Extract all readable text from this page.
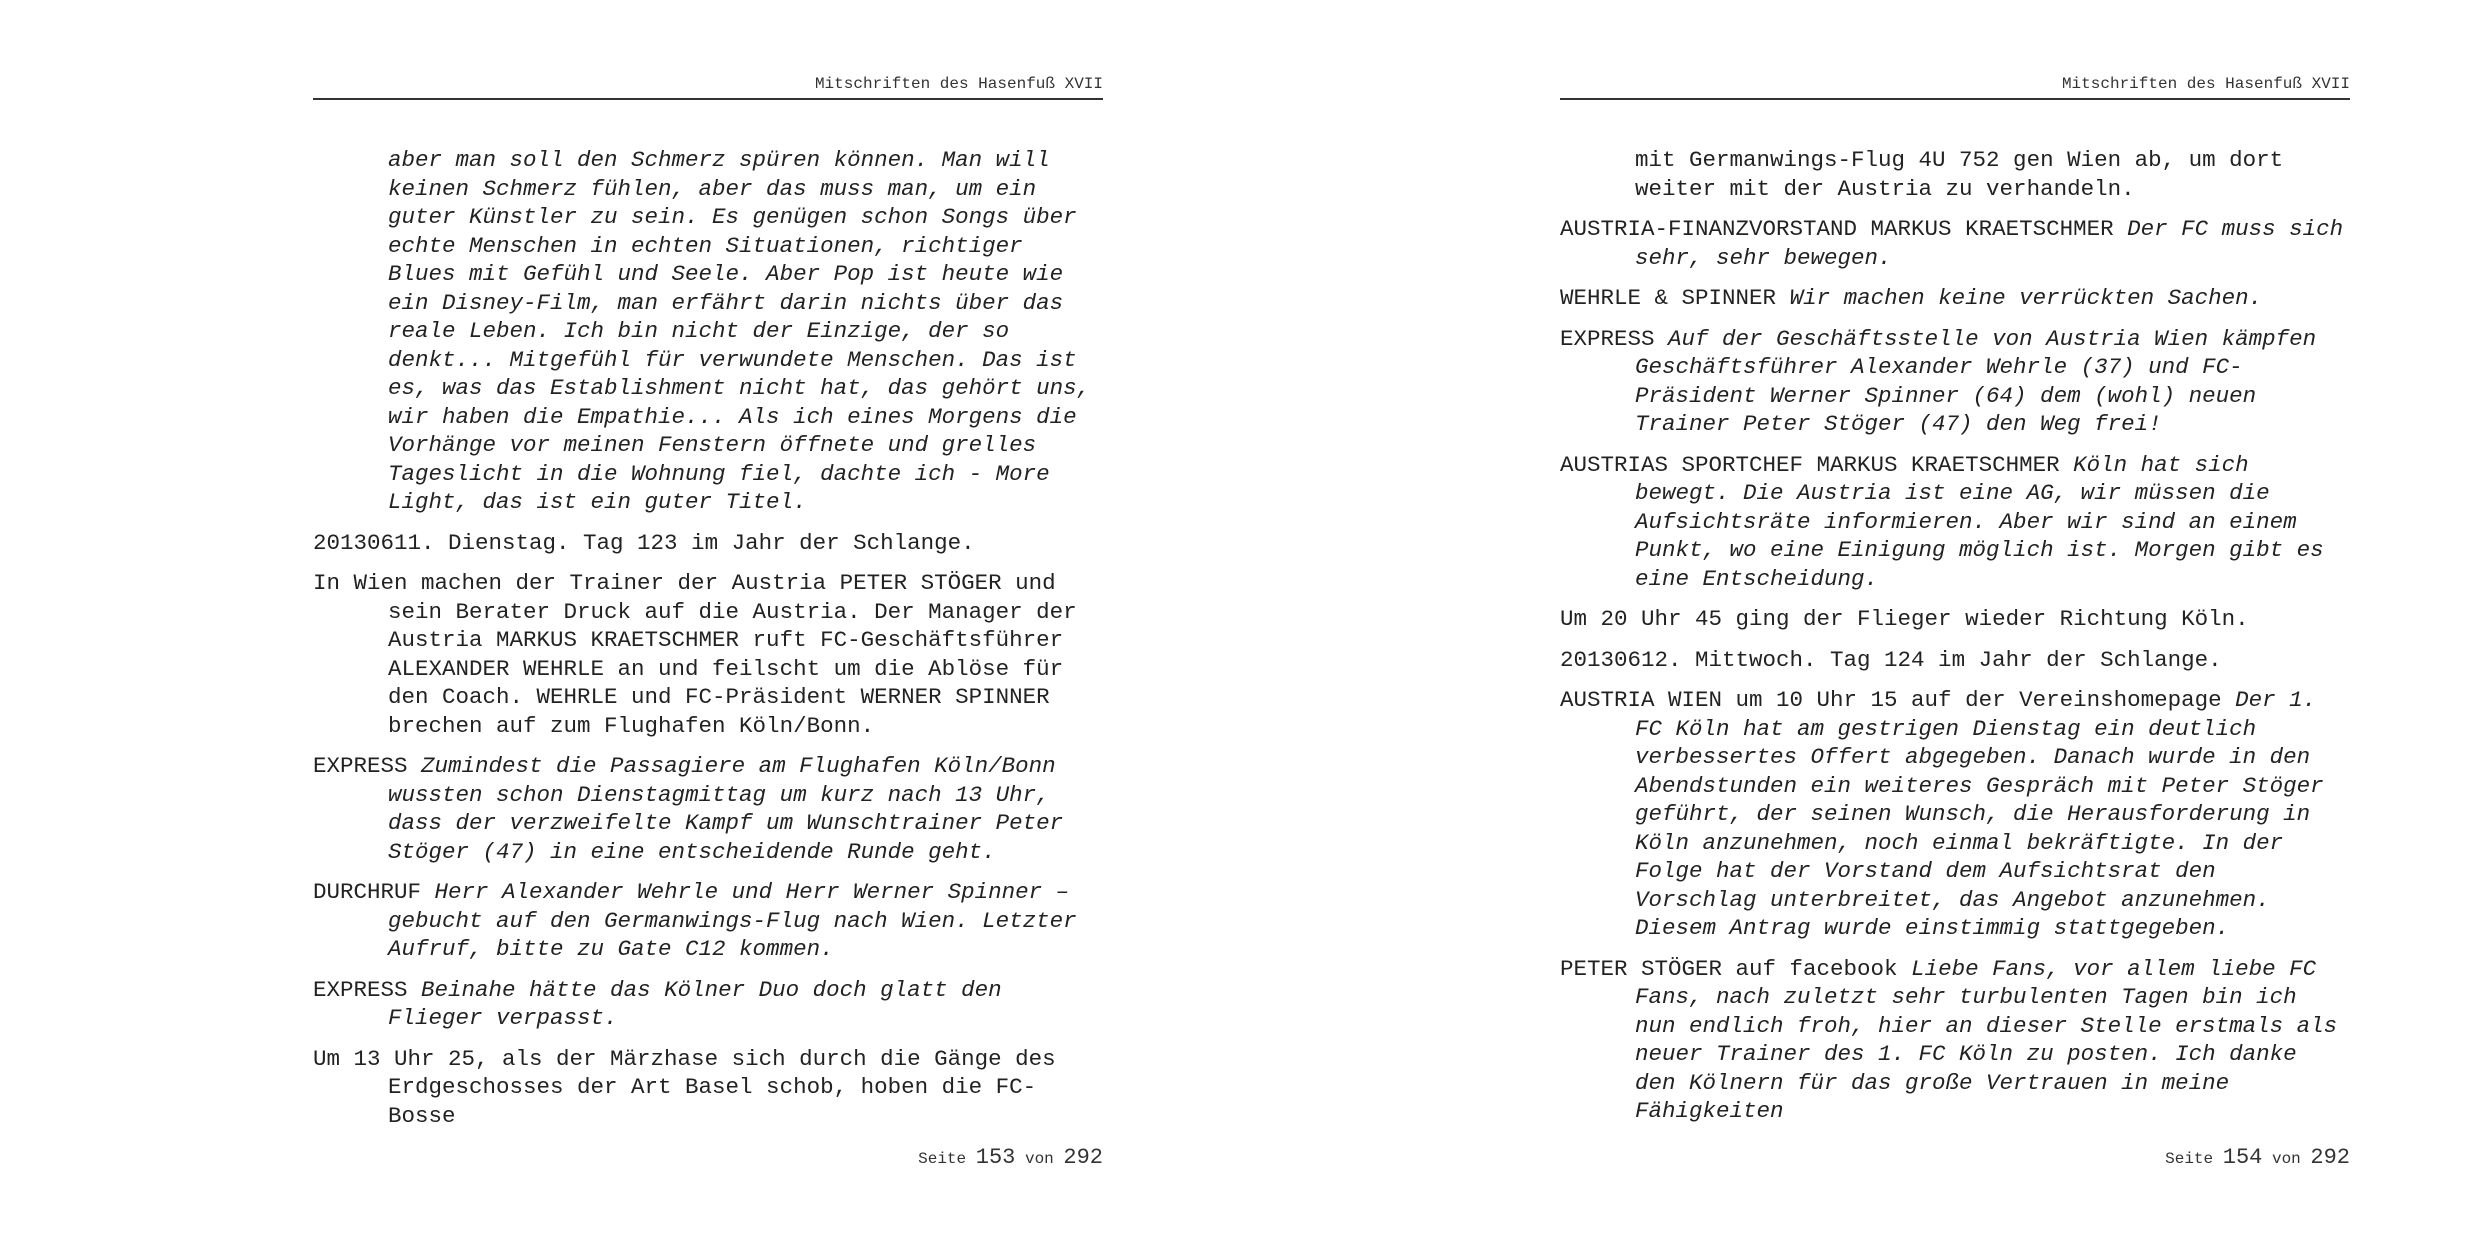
Mitschriften des Hasenfuß XVII

aber man soll den Schmerz spüren können. Man will keinen Schmerz fühlen, aber das muss man, um ein guter Künstler zu sein. Es genügen schon Songs über echte Menschen in echten Situationen, richtiger Blues mit Gefühl und Seele. Aber Pop ist heute wie ein Disney-Film, man erfährt darin nichts über das reale Leben. Ich bin nicht der Einzige, der so denkt... Mitgefühl für verwundete Menschen. Das ist es, was das Establishment nicht hat, das gehört uns, wir haben die Empathie... Als ich eines Morgens die Vorhänge vor meinen Fenstern öffnete und grelles Tageslicht in die Wohnung fiel, dachte ich - More Light, das ist ein guter Titel.

20130611. Dienstag. Tag 123 im Jahr der Schlange.

In Wien machen der Trainer der Austria PETER STÖGER und sein Berater Druck auf die Austria. Der Manager der Austria MARKUS KRAETSCHMER ruft FC-Geschäftsführer ALEXANDER WEHRLE an und feilscht um die Ablöse für den Coach. WEHRLE und FC-Präsident WERNER SPINNER brechen auf zum Flughafen Köln/Bonn.

EXPRESS Zumindest die Passagiere am Flughafen Köln/Bonn wussten schon Dienstagmittag um kurz nach 13 Uhr, dass der verzweifelte Kampf um Wunschtrainer Peter Stöger (47) in eine entscheidende Runde geht.

DURCHRUF Herr Alexander Wehrle und Herr Werner Spinner – gebucht auf den Germanwings-Flug nach Wien. Letzter Aufruf, bitte zu Gate C12 kommen.

EXPRESS Beinahe hätte das Kölner Duo doch glatt den Flieger verpasst.

Um 13 Uhr 25, als der Märzhase sich durch die Gänge des Erdgeschosses der Art Basel schob, hoben die FC-Bosse

Seite 153 von 292
Mitschriften des Hasenfuß XVII

mit Germanwings-Flug 4U 752 gen Wien ab, um dort weiter mit der Austria zu verhandeln.

AUSTRIA-FINANZVORSTAND MARKUS KRAETSCHMER Der FC muss sich sehr, sehr bewegen.

WEHRLE & SPINNER Wir machen keine verrückten Sachen.

EXPRESS Auf der Geschäftsstelle von Austria Wien kämpfen Geschäftsführer Alexander Wehrle (37) und FC-Präsident Werner Spinner (64) dem (wohl) neuen Trainer Peter Stöger (47) den Weg frei!

AUSTRIAS SPORTCHEF MARKUS KRAETSCHMER Köln hat sich bewegt. Die Austria ist eine AG, wir müssen die Aufsichtsräte informieren. Aber wir sind an einem Punkt, wo eine Einigung möglich ist. Morgen gibt es eine Entscheidung.

Um 20 Uhr 45 ging der Flieger wieder Richtung Köln.

20130612. Mittwoch. Tag 124 im Jahr der Schlange.

AUSTRIA WIEN um 10 Uhr 15 auf der Vereinshomepage Der 1. FC Köln hat am gestrigen Dienstag ein deutlich verbessertes Offert abgegeben. Danach wurde in den Abendstunden ein weiteres Gespräch mit Peter Stöger geführt, der seinen Wunsch, die Herausforderung in Köln anzunehmen, noch einmal bekräftigte. In der Folge hat der Vorstand dem Aufsichtsrat den Vorschlag unterbreitet, das Angebot anzunehmen. Diesem Antrag wurde einstimmig stattgegeben.

PETER STÖGER auf facebook Liebe Fans, vor allem liebe FC Fans, nach zuletzt sehr turbulenten Tagen bin ich nun endlich froh, hier an dieser Stelle erstmals als neuer Trainer des 1. FC Köln zu posten. Ich danke den Kölnern für das große Vertrauen in meine Fähigkeiten

Seite 154 von 292
